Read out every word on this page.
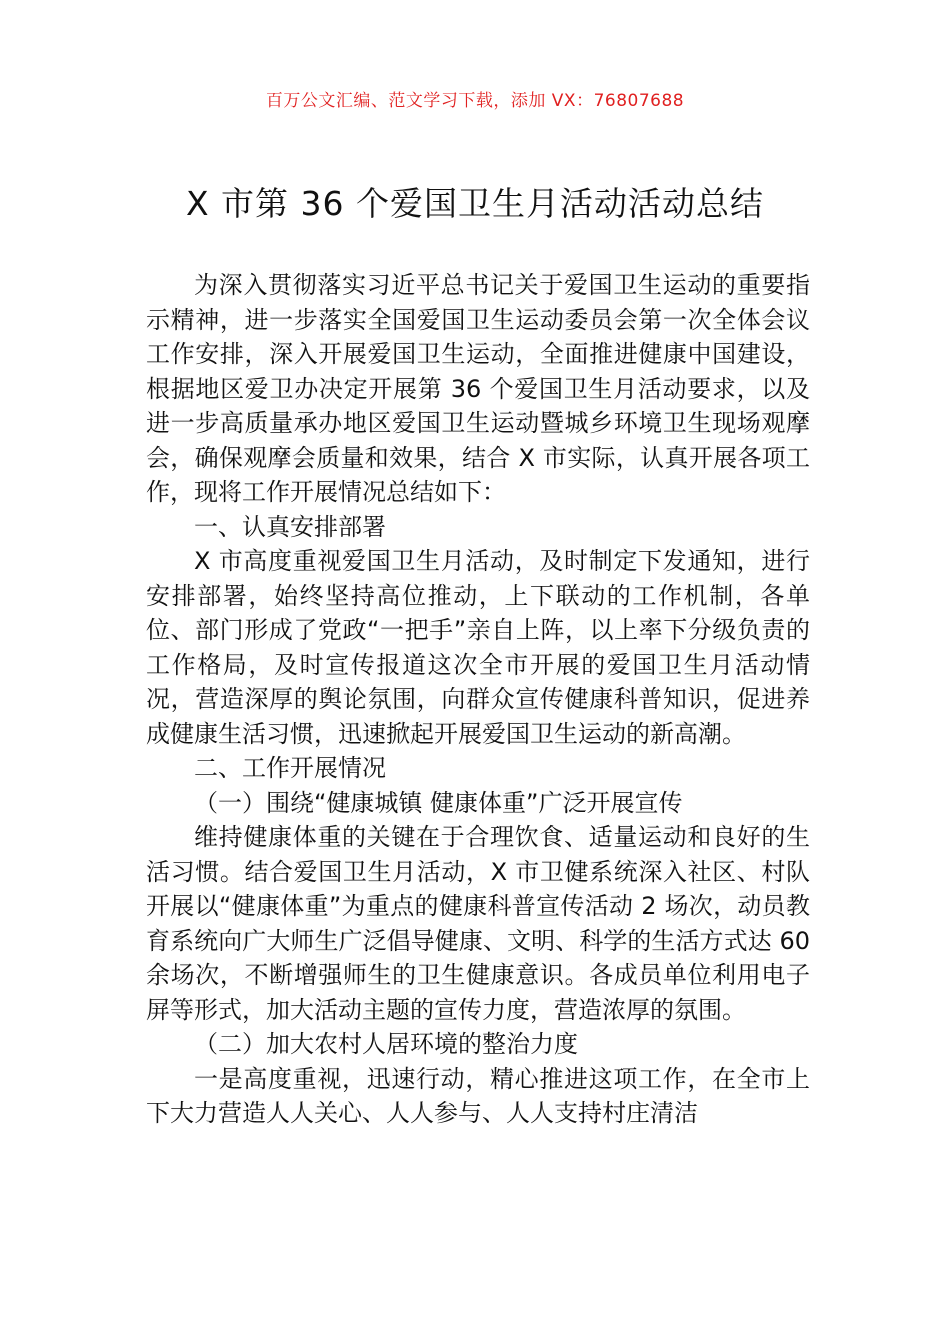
百万公文汇编、范文学习下载，添加 VX：76807688
X 市第 36 个爱国卫生月活动活动总结

为深入贯彻落实习近平总书记关于爱国卫生运动的重要指示精神，进一步落实全国爱国卫生运动委员会第一次全体会议工作安排，深入开展爱国卫生运动，全面推进健康中国建设，根据地区爱卫办决定开展第 36 个爱国卫生月活动要求，以及进一步高质量承办地区爱国卫生运动暨城乡环境卫生现场观摩会，确保观摩会质量和效果，结合 X 市实际，认真开展各项工作，现将工作开展情况总结如下：

一、认真安排部署

X 市高度重视爱国卫生月活动，及时制定下发通知，进行安排部署，始终坚持高位推动，上下联动的工作机制，各单位、部门形成了党政“一把手”亲自上阵，以上率下分级负责的工作格局，及时宣传报道这次全市开展的爱国卫生月活动情况，营造深厚的舆论氛围，向群众宣传健康科普知识，促进养成健康生活习惯，迅速掀起开展爱国卫生运动的新高潮。

二、工作开展情况

（一）围绕“健康城镇 健康体重”广泛开展宣传

维持健康体重的关键在于合理饮食、适量运动和良好的生活习惯。结合爱国卫生月活动，X 市卫健系统深入社区、村队开展以“健康体重”为重点的健康科普宣传活动 2 场次，动员教育系统向广大师生广泛倡导健康、文明、科学的生活方式达 60 余场次，不断增强师生的卫生健康意识。各成员单位利用电子屏等形式，加大活动主题的宣传力度，营造浓厚的氛围。

（二）加大农村人居环境的整治力度

一是高度重视，迅速行动，精心推进这项工作，在全市上下大力营造人人关心、人人参与、人人支持村庄清洁
